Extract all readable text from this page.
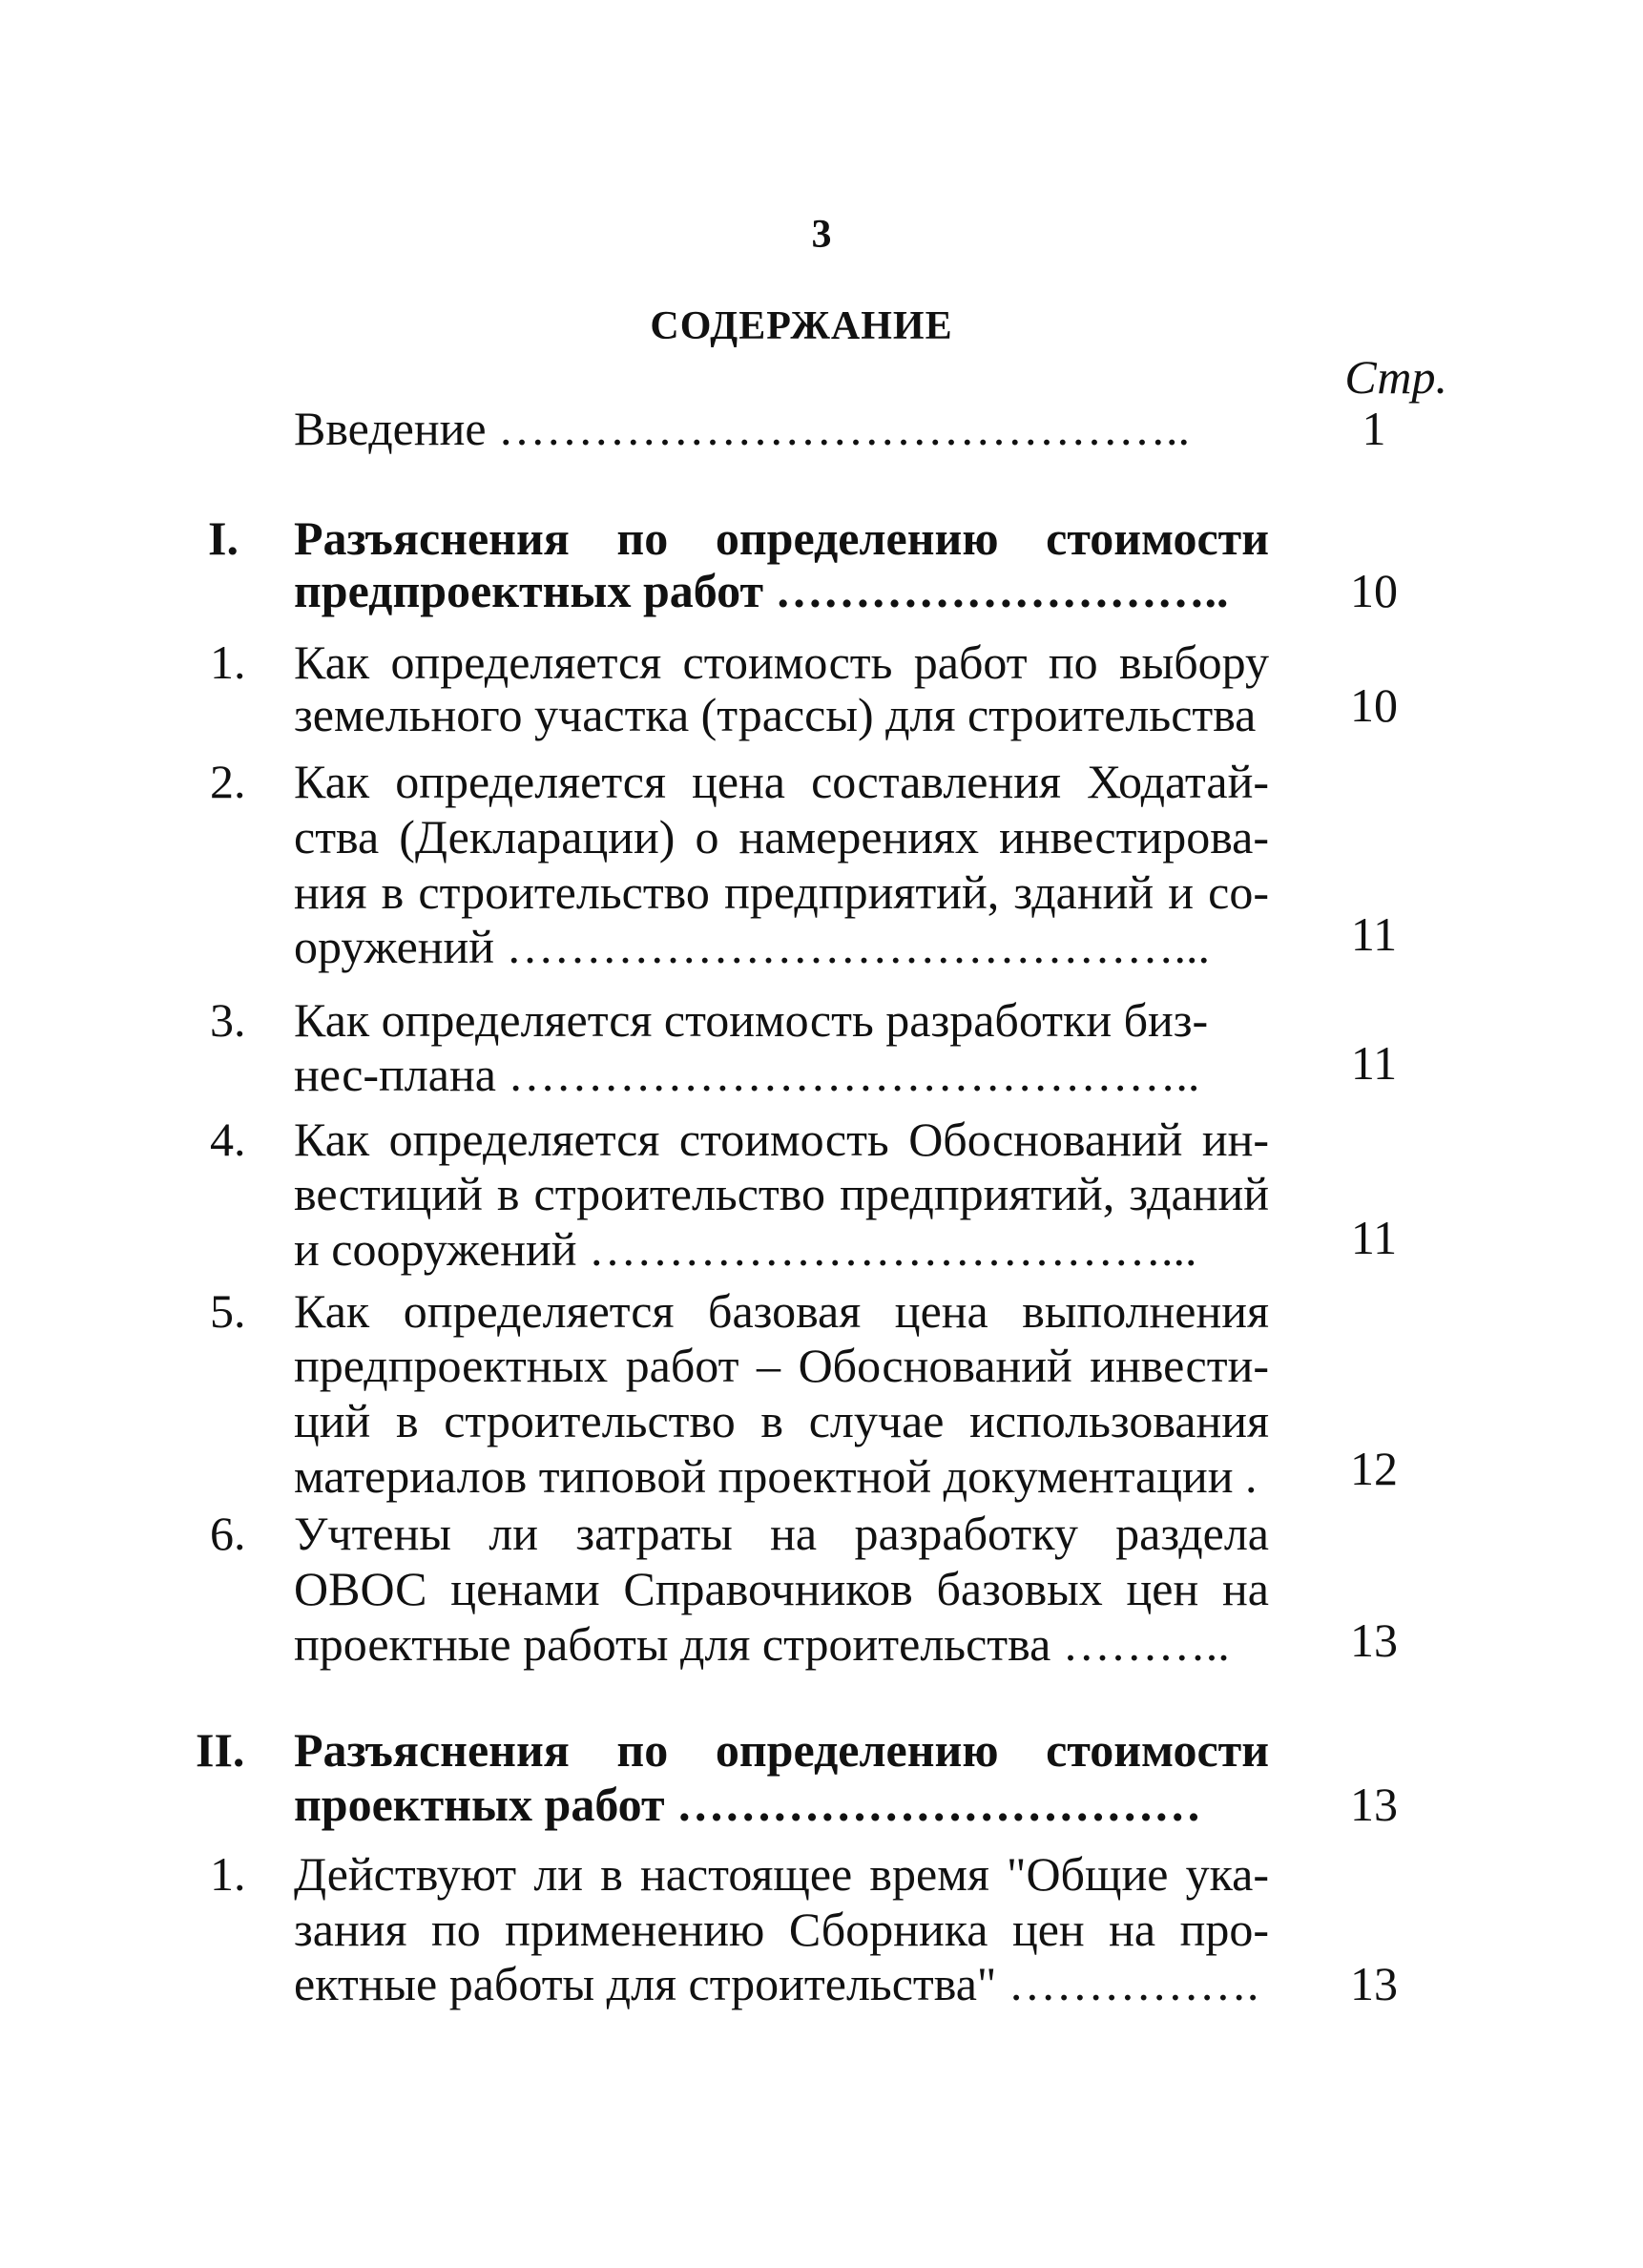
3
СОДЕРЖАНИЕ
Стр.
Введение ……………………………………..	1
I. Разъяснения по определению стоимости
предпроектных работ ………………………..	10
1. Как определяется стоимость работ по выбору
земельного участка (трассы) для строительства	10
2. Как определяется цена составления Ходатай-
ства (Декларации) о намерениях инвестирова-
ния в строительство предприятий, зданий и со-
оружений ……………………………………...	11
3. Как определяется стоимость разработки биз-
нес-плана ……………………………………..	11
4. Как определяется стоимость Обоснований ин-
вестиций в строительство предприятий, зданий
и сооружений ………………………………...	11
5. Как определяется базовая цена выполнения
предпроектных работ – Обоснований инвести-
ций в строительство в случае использования
материалов типовой проектной документации .	12
6. Учтены ли затраты на разработку раздела
ОВОС ценами Справочников базовых цен на
проектные работы для строительства ………..	13
II. Разъяснения по определению стоимости
проектных работ ……………………………	13
1. Действуют ли в настоящее время "Общие ука-
зания по применению Сборника цен на про-
ектные работы для строительства" …………….	13
